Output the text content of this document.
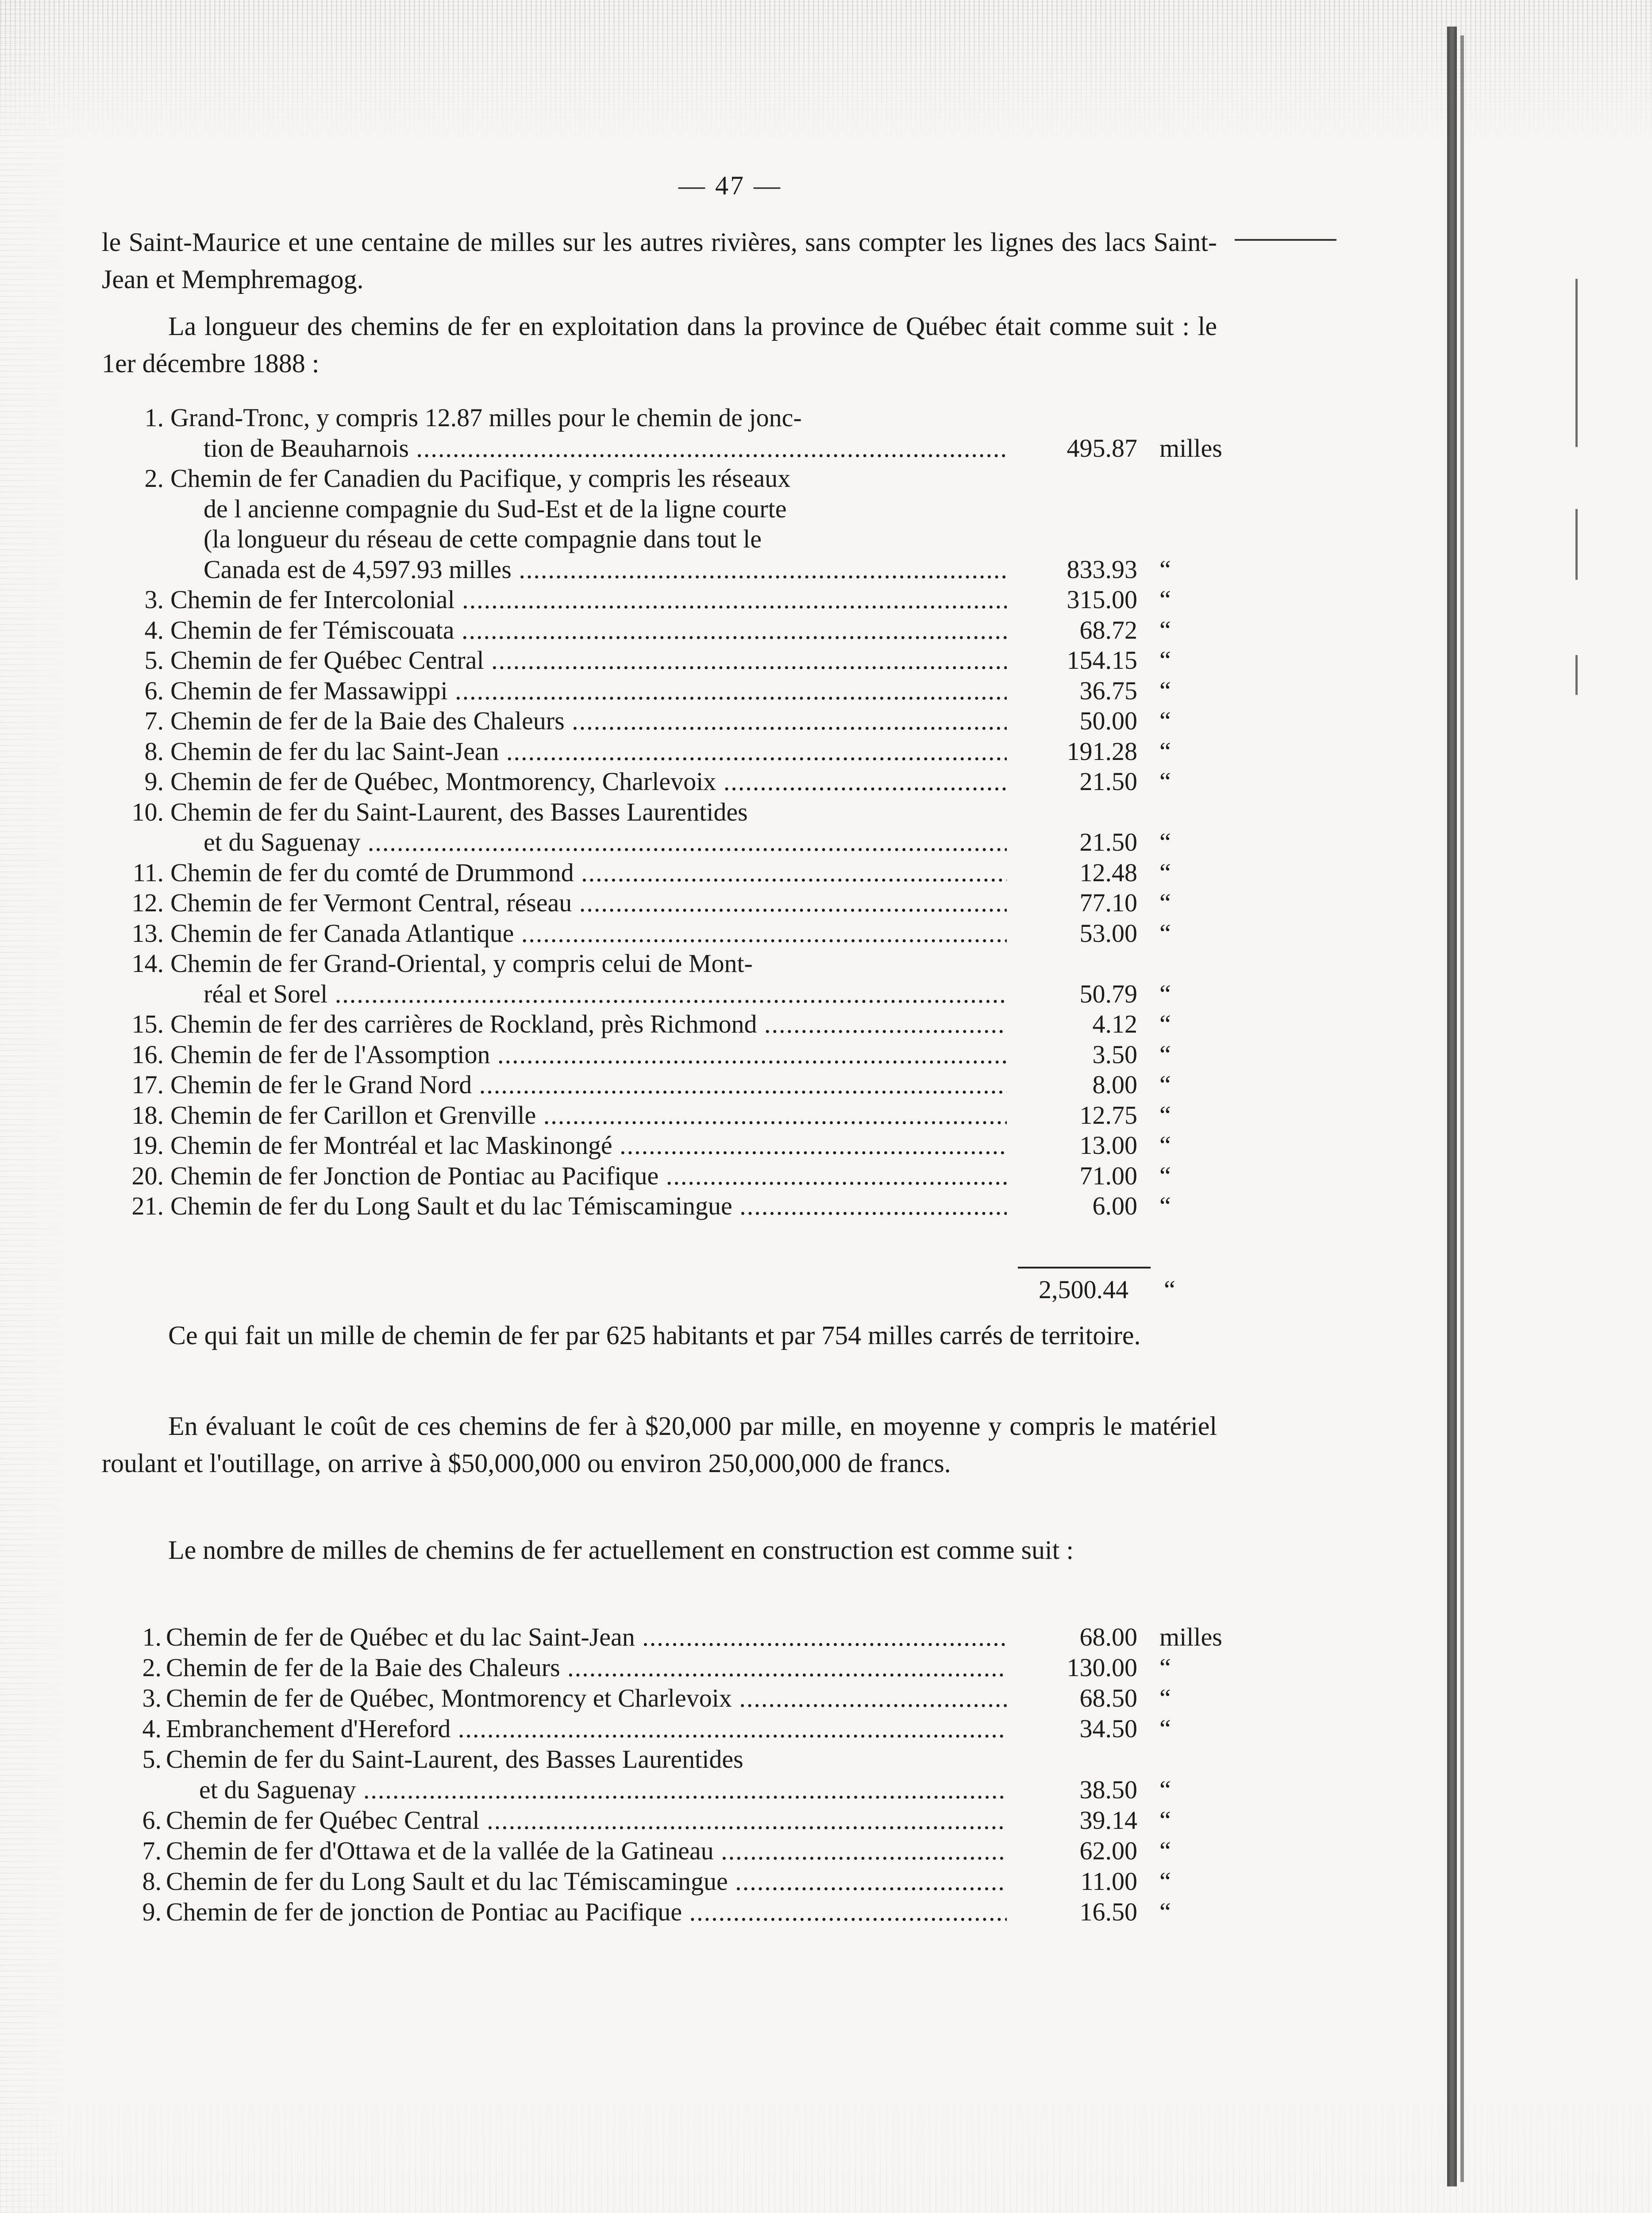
— 47 —

le Saint-Maurice et une centaine de milles sur les autres rivières, sans compter les lignes des lacs Saint-Jean et Memphremagog.

La longueur des chemins de fer en exploitation dans la province de Québec était comme suit : le 1er décembre 1888 :

1. Grand-Tronc, y compris 12.87 milles pour le chemin de jonc-
tion de Beauharnois .....	495.87 milles
2. Chemin de fer Canadien du Pacifique, y compris les réseaux
de l ancienne compagnie du Sud-Est et de la ligne courte
(la longueur du réseau de cette compagnie dans tout le
Canada est de 4,597.93 milles .....	833.93 “
3. Chemin de fer Intercolonial .....	315.00 “
4. Chemin de fer Témiscouata .....	68.72 “
5. Chemin de fer Québec Central .....	154.15 “
6. Chemin de fer Massawippi .....	36.75 “
7. Chemin de fer de la Baie des Chaleurs .....	50.00 “
8. Chemin de fer du lac Saint-Jean .....	191.28 “
9. Chemin de fer de Québec, Montmorency, Charlevoix .....	21.50 “
10. Chemin de fer du Saint-Laurent, des Basses Laurentides
et du Saguenay .....	21.50 “
11. Chemin de fer du comté de Drummond .....	12.48 “
12. Chemin de fer Vermont Central, réseau .....	77.10 “
13. Chemin de fer Canada Atlantique .....	53.00 “
14. Chemin de fer Grand-Oriental, y compris celui de Mont-
réal et Sorel .....	50.79 “
15. Chemin de fer des carrières de Rockland, près Richmond .....	4.12 “
16. Chemin de fer de l'Assomption .....	3.50 “
17. Chemin de fer le Grand Nord .....	8.00 “
18. Chemin de fer Carillon et Grenville .....	12.75 “
19. Chemin de fer Montréal et lac Maskinongé .....	13.00 “
20. Chemin de fer Jonction de Pontiac au Pacifique .....	71.00 “
21. Chemin de fer du Long Sault et du lac Témiscamingue .....	6.00 “
2,500.44 “

Ce qui fait un mille de chemin de fer par 625 habitants et par 754 milles carrés de territoire.

En évaluant le coût de ces chemins de fer à $20,000 par mille, en moyenne y compris le matériel roulant et l'outillage, on arrive à $50,000,000 ou environ 250,000,000 de francs.

Le nombre de milles de chemins de fer actuellement en construction est comme suit :

1. Chemin de fer de Québec et du lac Saint-Jean .....	68.00 milles
2. Chemin de fer de la Baie des Chaleurs .....	130.00 “
3. Chemin de fer de Québec, Montmorency et Charlevoix .....	68.50 “
4. Embranchement d'Hereford .....	34.50 “
5. Chemin de fer du Saint-Laurent, des Basses Laurentides
et du Saguenay .....	38.50 “
6. Chemin de fer Québec Central .....	39.14 “
7. Chemin de fer d'Ottawa et de la vallée de la Gatineau .....	62.00 “
8. Chemin de fer du Long Sault et du lac Témiscamingue .....	11.00 “
9. Chemin de fer de jonction de Pontiac au Pacifique .....	16.50 “
